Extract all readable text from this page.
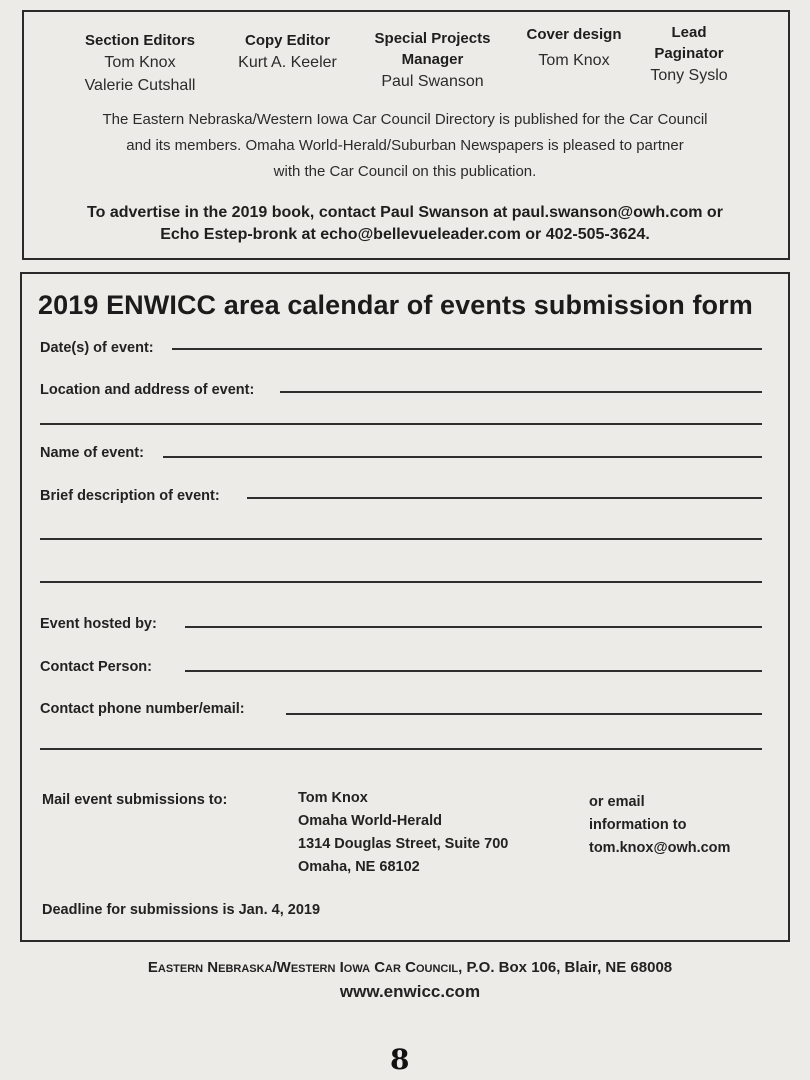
Section Editors
Tom Knox
Valerie Cutshall
Copy Editor
Kurt A. Keeler
Special Projects
Manager
Paul Swanson
Cover design
Tom Knox
Lead
Paginator
Tony Syslo
The Eastern Nebraska/Western Iowa Car Council Directory is published for the Car Council
and its members. Omaha World-Herald/Suburban Newspapers is pleased to partner
with the Car Council on this publication.
To advertise in the 2019 book, contact Paul Swanson at paul.swanson@owh.com or
Echo Estep-bronk at echo@bellevueleader.com or 402-505-3624.
2019 ENWICC area calendar of events submission form
Date(s) of event:
Location and address of event:
Name of event:
Brief description of event:
Event hosted by:
Contact Person:
Contact phone number/email:
Mail event submissions to:	Tom Knox
Omaha World-Herald
1314 Douglas Street, Suite 700
Omaha, NE 68102
or email
information to
tom.knox@owh.com
Deadline for submissions is Jan. 4, 2019
Eastern Nebraska/Western Iowa Car Council, P.O. Box 106, Blair, NE 68008
www.enwicc.com
8
